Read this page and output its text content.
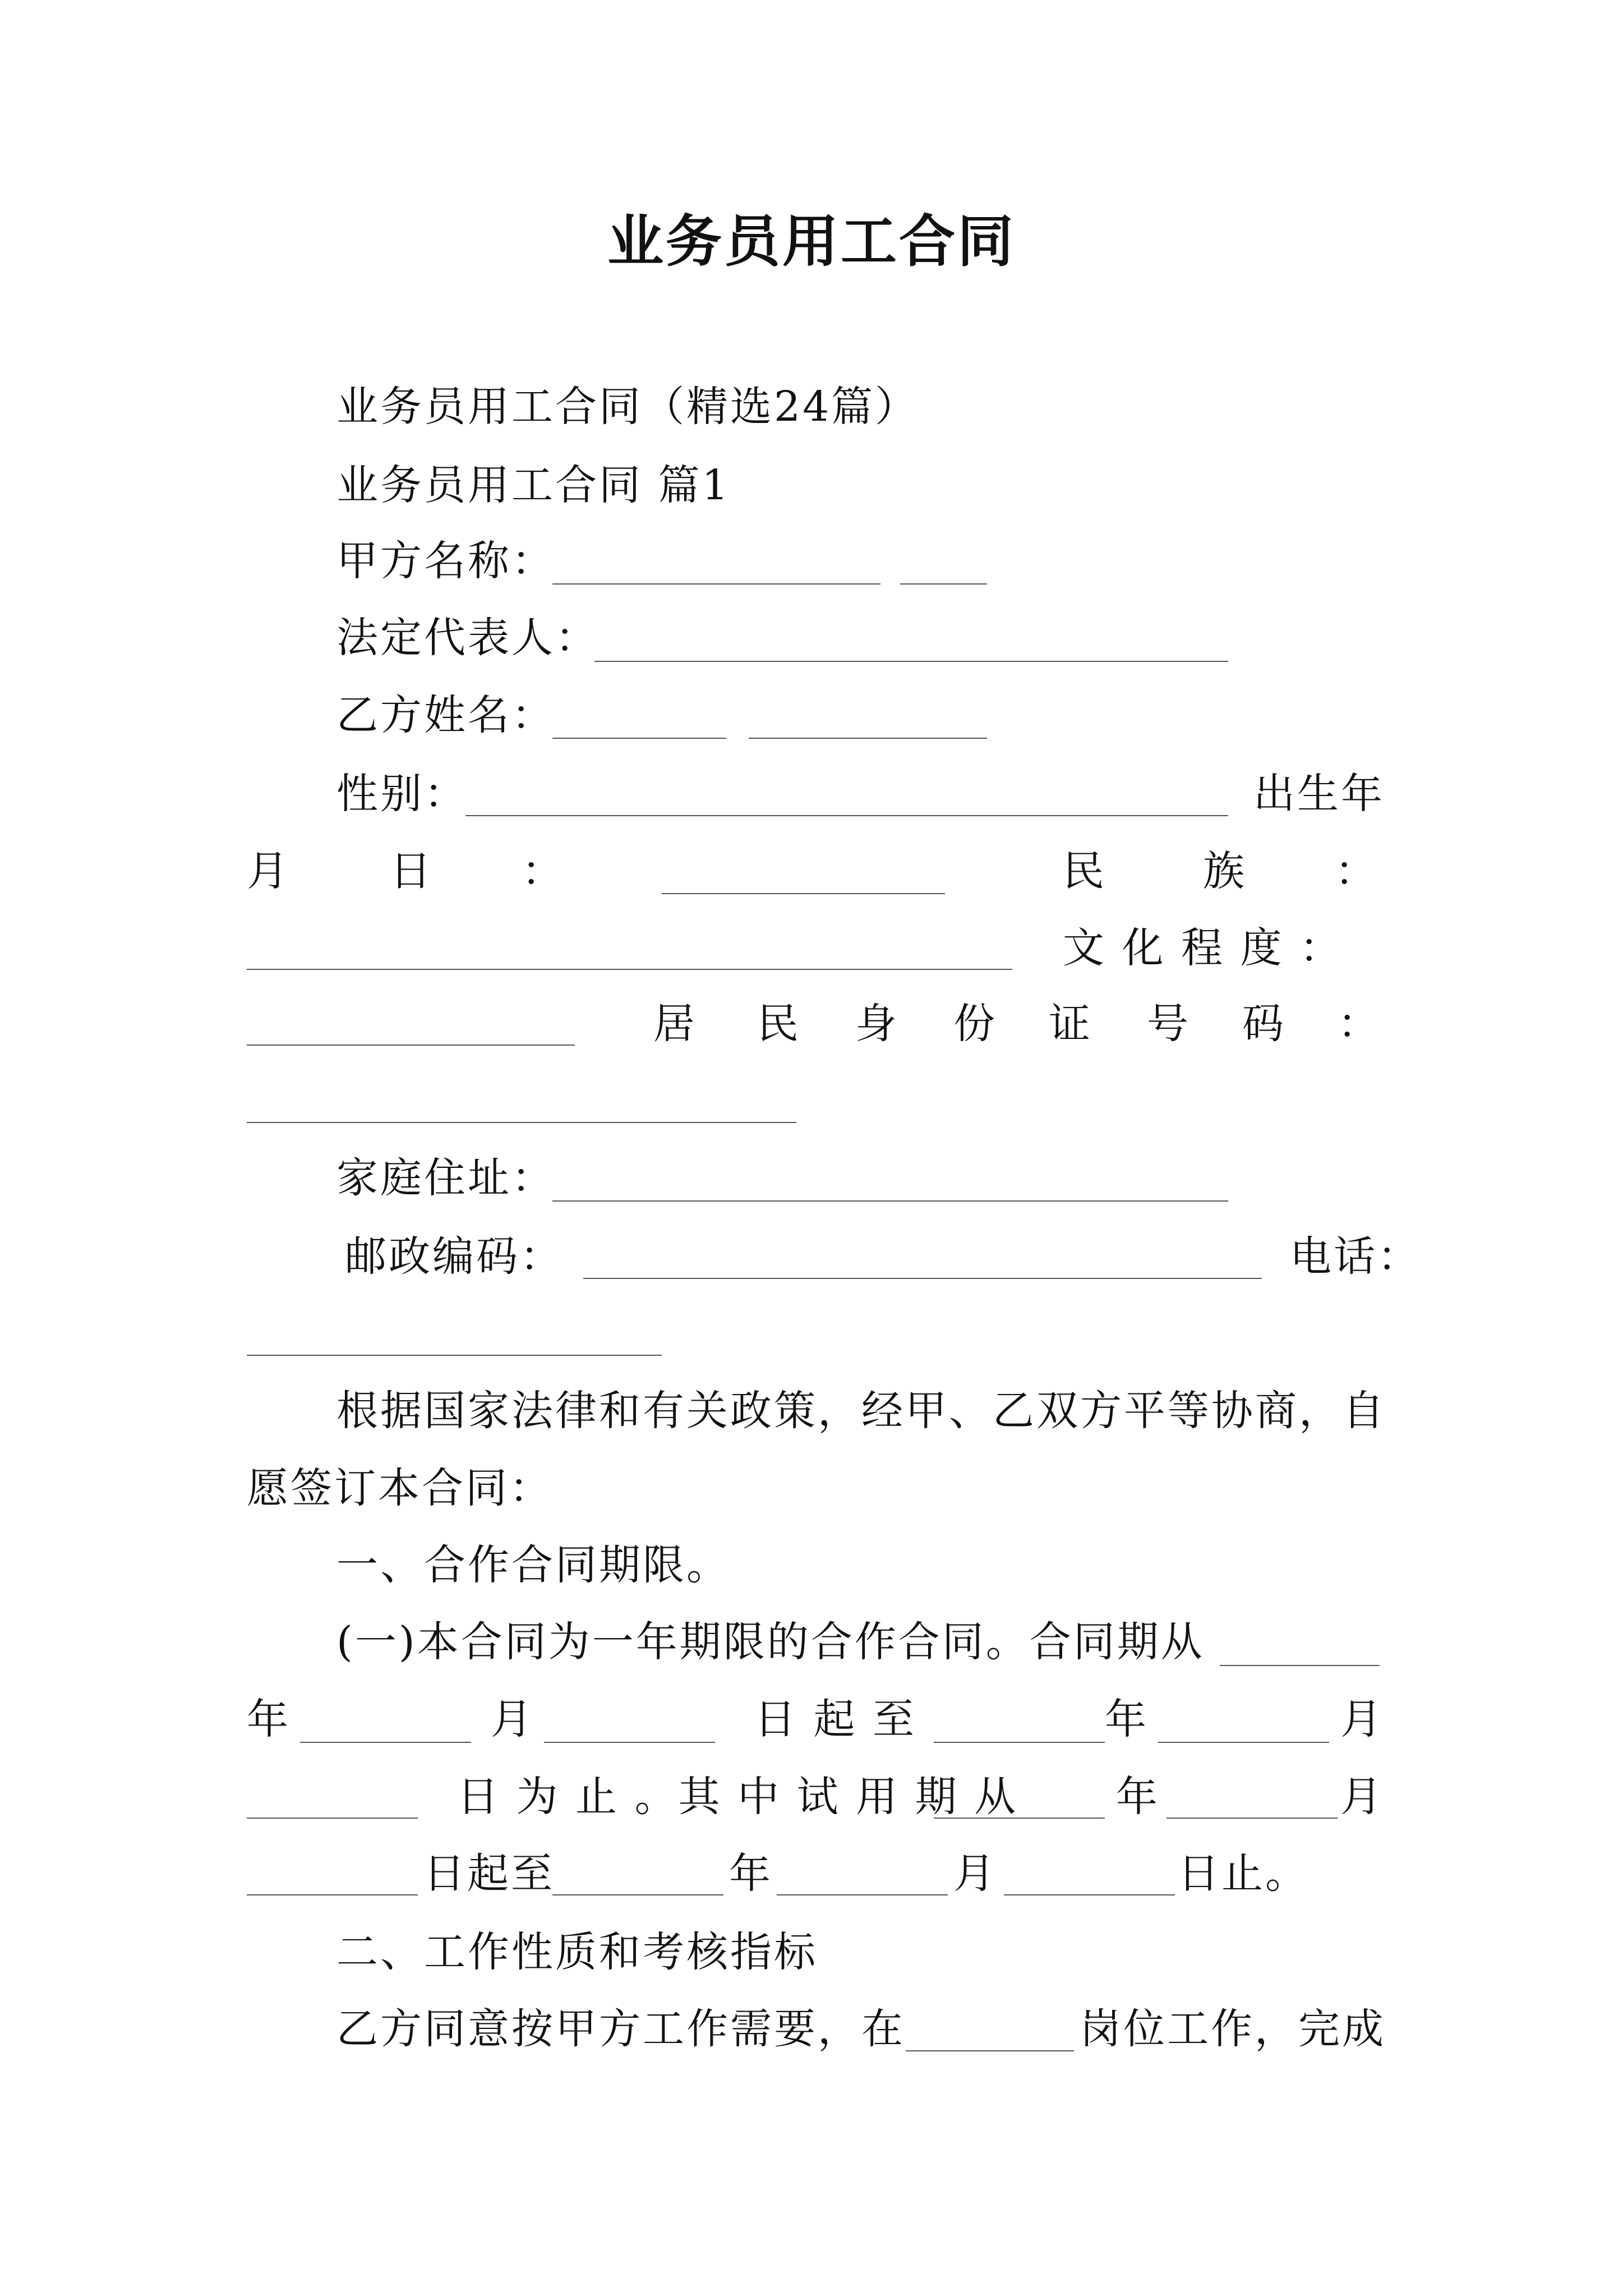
业务员用工合同
业务员用工合同（精选24篇）
业务员用工合同 篇1
甲方名称：
法定代表人：
乙方姓名：
性别：	出生年
月 日 ：	民 族 ：
文 化 程 度 ：
居 民 身 份 证 号 码 ：
家庭住址：
邮政编码：	电话：
根据国家法律和有关政策，经甲、乙双方平等协商，自
愿签订本合同：
一、合作合同期限。
(一)本合同为一年期限的合作合同。合同期从
年	月	日 起 至	年	月
日 为 止 。其 中 试 用 期 从 年	月
日起至	年	月	日止。
二、工作性质和考核指标
乙方同意按甲方工作需要，在	岗位工作，完成
